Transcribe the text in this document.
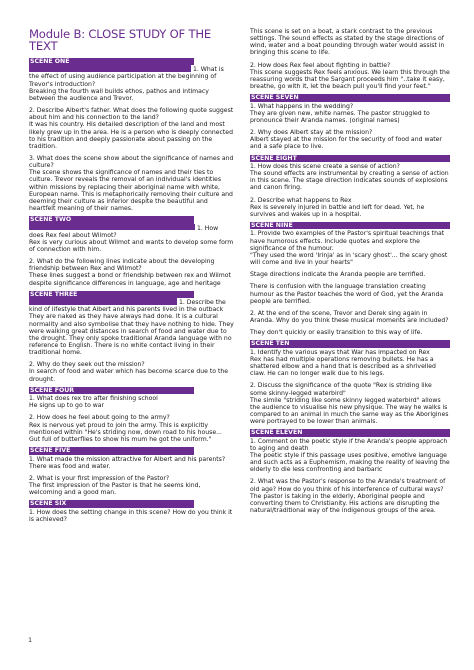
Module B: CLOSE STUDY OF THE TEXT
SCENE ONE

1. What is the effect of using audience participation at the beginning of Trevor's introduction?

Breaking the fourth wall builds ethos, pathos and intimacy between the audience and Trevor.

2. Describe Albert's father. What does the following quote suggest about him and his connection to the land?

It was his country. His detailed description of the land and most likely grew up in the area. He is a person who is deeply connected to his tradition and deeply passionate about passing on the tradition.

3. What does the scene show about the significance of names and culture?

The scene shows the significance of names and their ties to culture. Trevor reveals the removal of an individual's identities within missions by replacing their aboriginal name with white, European name. This is metaphorically removing their culture and deeming their culture as inferior despite the beautiful and heartfelt meaning of their names.

SCENE TWO

1. How does Rex feel about Wilmot?

Rex is very curious about Wilmot and wants to develop some form of connection with him.

2. What do the following lines indicate about the developing friendship between Rex and Wilmot?

These lines suggest a bond or friendship between rex and Wilmot despite significance differences in language, age and heritage

SCENE THREE

1. Describe the kind of lifestyle that Albert and his parents lived in the outback

They are naked as they have always had done. It is a cultural normality and also symbolise that they have nothing to hide. They were walking great distances in search of food and water due to the drought. They only spoke traditional Aranda language with no reference to English. There is no white contact living in their traditional home.

2. Why do they seek out the mission?

In search of food and water which has become scarce due to the drought.

SCENE FOUR

1. What does rex tro after finishing school

He signs up to go to war

2. How does he feel about going to the army?

Rex is nervous yet proud to join the army. This is explicitly mentioned within "He's striding now, down road to his house... Gut full of butterflies to show his mum he got the uniform."

SCENE FIVE

1. What made the mission attractive for Albert and his parents?

There was food and water.

2. What is your first impression of the Pastor?

The first impression of the Pastor is that he seems kind, welcoming and a good man.

SCENE SIX

1. How does the setting change in this scene? How do you think it is achieved?

This scene is set on a boat, a stark contrast to the previous settings. The sound effects as stated by the stage directions of wind, water and a boat pounding through water would assist in bringing this scene to life.

2. How does Rex feel about fighting in battle?

This scene suggests Rex feels anxious. We learn this through the reassuring words that the Sargant proceeds him "..take it easy, breathe, go with it, let the beach pull you'll find your feet."

SCENE SEVEN

1. What happens in the wedding?

They are given new, white names. The pastor struggled to pronounce their Aranda names. (original names)

2. Why does Albert stay at the mission?

Albert stayed at the mission for the security of food and water and a safe place to live.

SCENE EIGHT

1. How does this scene create a sense of action?

The sound effects are instrumental by creating a sense of action in this scene. The stage direction indicates sounds of explosions and canon firing.

2. Describe what happens to Rex

Rex is severely injured in battle and left for dead. Yet, he survives and wakes up in a hospital.

SCENE NINE

1. Provide two examples of the Pastor's spiritual teachings that have humorous effects. Include quotes and explore the significance of the humour.

"They used the word 'Irinja' as in 'scary ghost'... the scary ghost will come and live in your hearts"

Stage directions indicate the Aranda people are terrified.

There is confusion with the language translation creating humour as the Pastor teaches the word of God, yet the Aranda people are terrified.

2. At the end of the scene, Trevor and Derek sing again in Aranda. Why do you think these musical moments are included?

They don't quickly or easily transition to this way of life.

SCENE TEN

1. Identify the various ways that War has impacted on Rex

Rex has had multiple operations removing bullets. He has a shattered elbow and a hand that is described as a shrivelled claw. He can no longer walk due to his legs.

2. Discuss the significance of the quote "Rex is striding like some skinny-legged waterbird"

The simile "striding like some skinny legged waterbird" allows the audience to visualise his new physique. The way he walks is compared to an animal in much the same way as the Aborigines were portrayed to be lower than animals.

SCENE ELEVEN

1. Comment on the poetic style if the Aranda's people approach to aging and death

The poetic style if this passage uses positive, emotive language and such acts as a Euphemism, making the reality of leaving the elderly to die less confronting and barbaric

2. What was the Pastor's response to the Aranda's treatment of old age? How do you think of his interference of cultural ways?

The pastor is taking in the elderly, Aboriginal people and converting them to Christianity. His actions are disrupting the natural/traditional way of the indigenous groups of the area.

1
